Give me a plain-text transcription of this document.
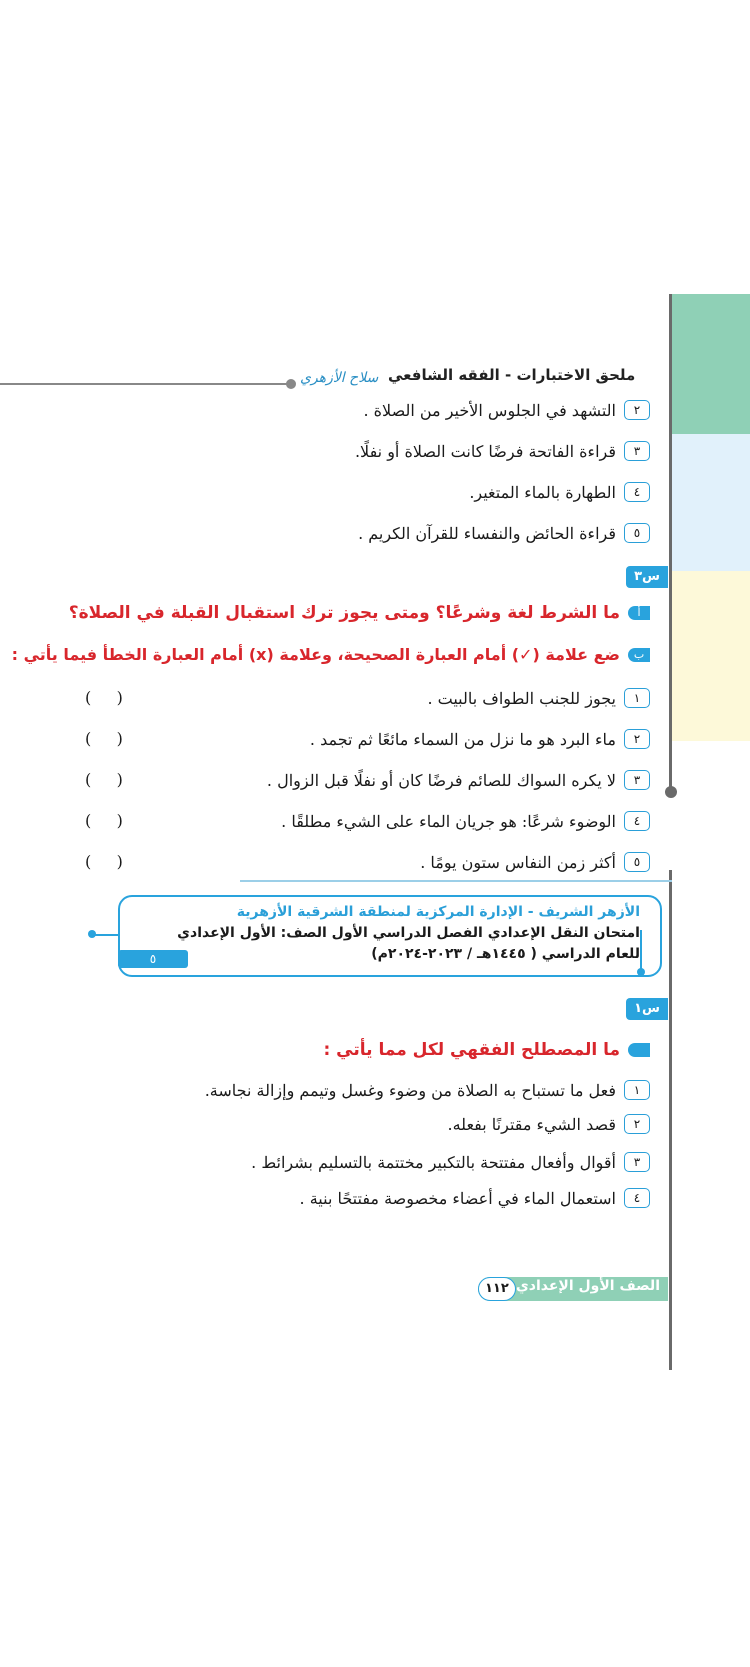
سلاح الأزهري ملحق الاختبارات - الفقه الشافعي
٢
التشهد في الجلوس الأخير من الصلاة .
٣
قراءة الفاتحة فرضًا كانت الصلاة أو نفلًا.
٤
الطهارة بالماء المتغير.
٥
قراءة الحائض والنفساء للقرآن الكريم .
س٣
أ
ما الشرط لغة وشرعًا؟ ومتى يجوز ترك استقبال القبلة في الصلاة؟
ب
ضع علامة (✓) أمام العبارة الصحيحة، وعلامة (x) أمام العبارة الخطأ فيما يأتي :
١
يجوز للجنب الطواف بالبيت .
(     )
٢
ماء البرد هو ما نزل من السماء مائعًا ثم تجمد .
(     )
٣
لا يكره السواك للصائم فرضًا كان أو نفلًا قبل الزوال .
(     )
٤
الوضوء شرعًا: هو جريان الماء على الشيء مطلقًا .
(     )
٥
أكثر زمن النفاس ستون يومًا .
(     )
الأزهر الشريف - الإدارة المركزية لمنطقة الشرقية الأزهرية
امتحان النقل الإعدادي الفصل الدراسي الأول الصف: الأول الإعدادي
للعام الدراسي ( ١٤٤٥هـ / ٢٠٢٣-٢٠٢٤م)
٥
س١
ما المصطلح الفقهي لكل مما يأتي :
١
فعل ما تستباح به الصلاة من وضوء وغسل وتيمم وإزالة نجاسة.
٢
قصد الشيء مقترنًا بفعله.
٣
أقوال وأفعال مفتتحة بالتكبير مختتمة بالتسليم بشرائط .
٤
استعمال الماء في أعضاء مخصوصة مفتتحًا بنية .
الصف الأول الإعدادي
١١٢
